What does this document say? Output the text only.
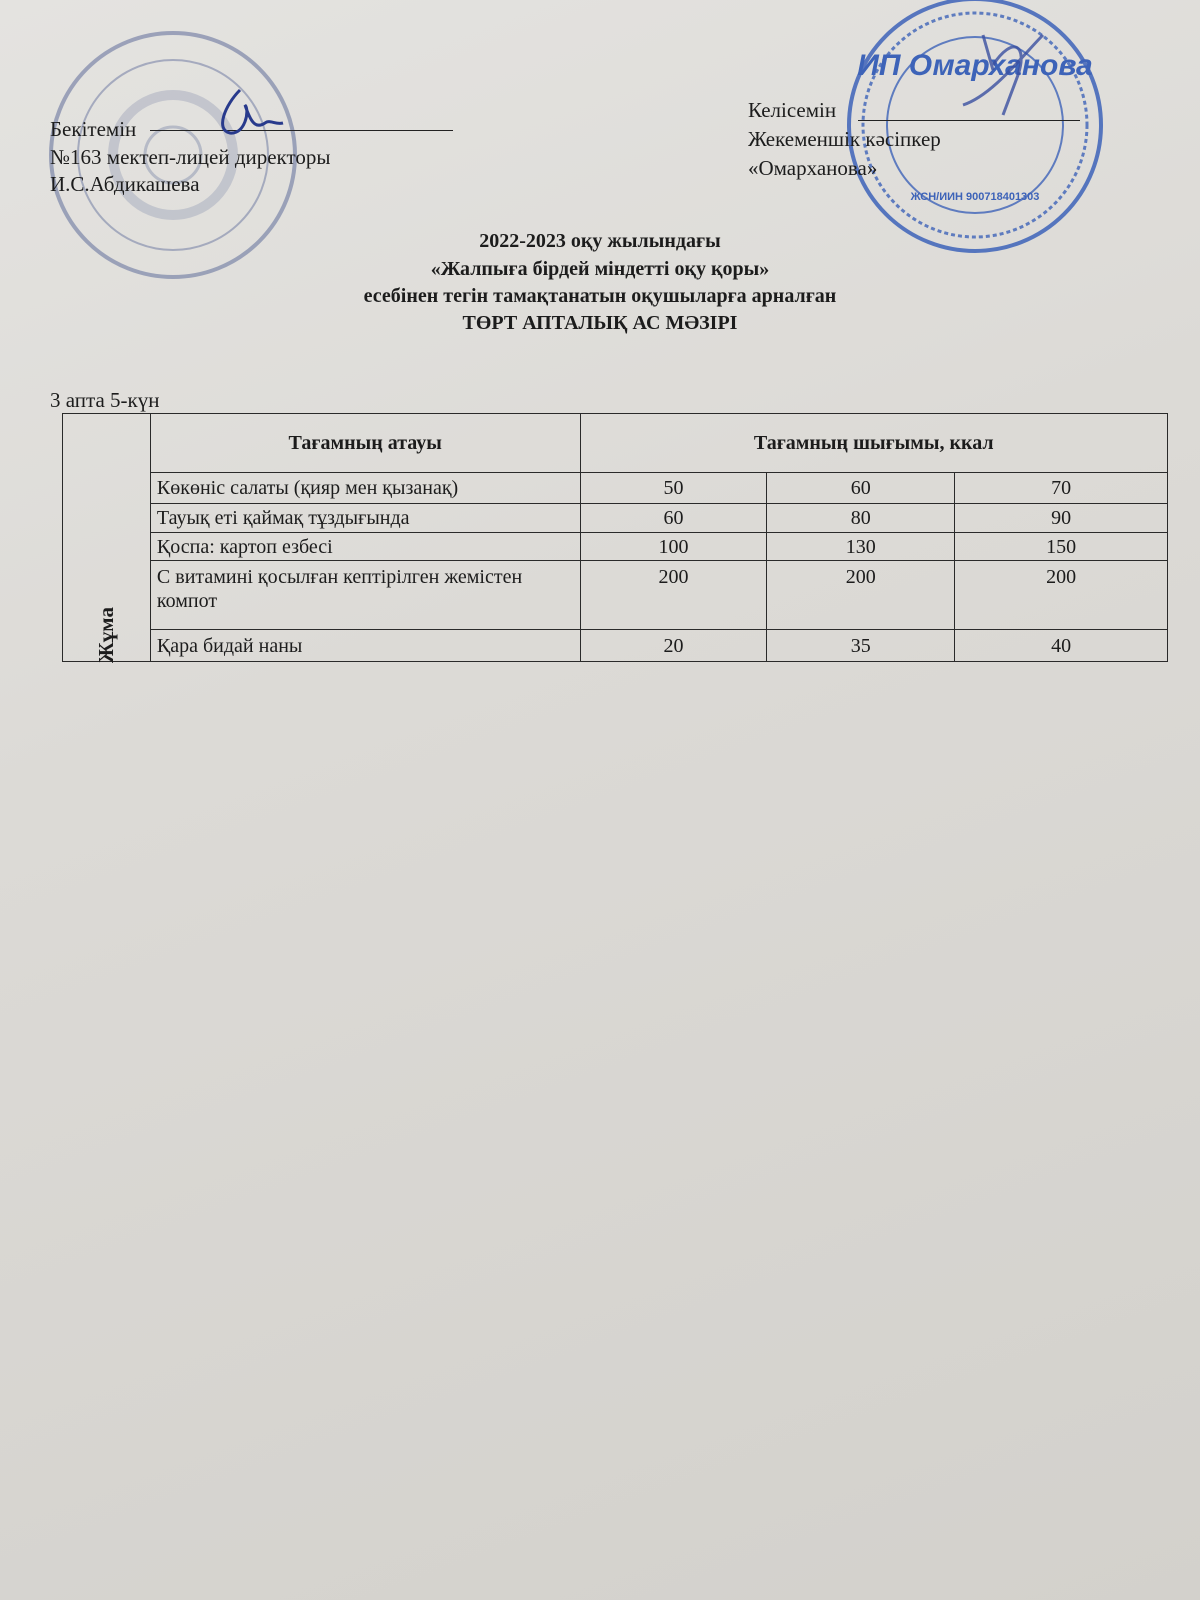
ИП Омарханова
ЖСН/ИИН 900718401303
Бекітемін
№163 мектеп-лицей директоры
И.С.Абдикашева
Келісемін
Жекеменшік кәсіпкер
«Омарханова»
2022-2023 оқу жылындағы
«Жалпыға бірдей міндетті оқу қоры»
есебінен тегін тамақтанатын оқушыларға арналған
ТӨРТ АПТАЛЫҚ АС МӘЗІРІ
3 апта 5-күн
Жұма	Тағамның атауы	Тағамның шығымы, ккал		
	Көкөніс салаты (қияр мен қызанақ)	50	60	70
	Тауық еті қаймақ тұздығында	60	80	90
	Қоспа: картоп езбесі	100	130	150
	С витамині қосылған кептірілген жемістен компот	200	200	200
	Қара бидай наны	20	35	40
